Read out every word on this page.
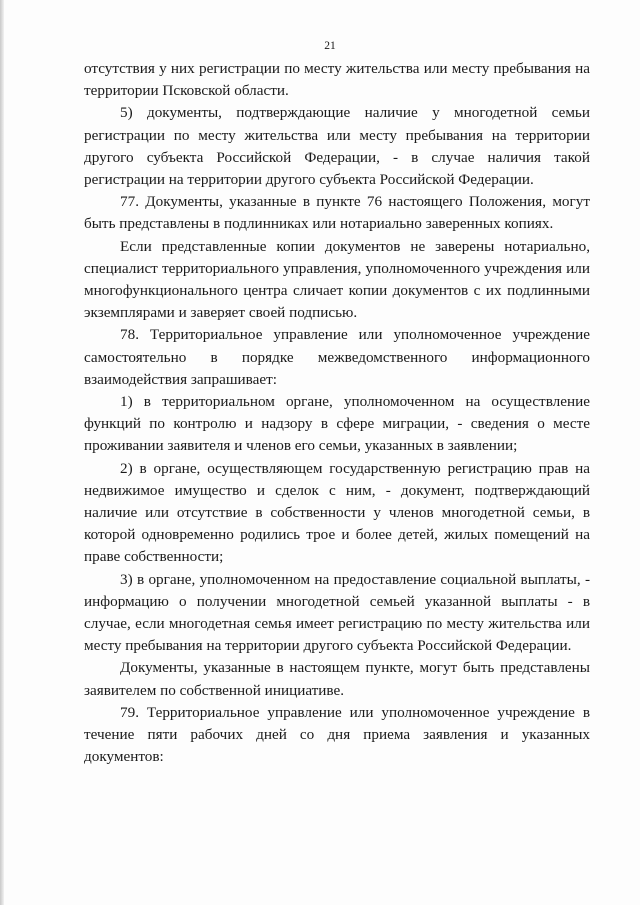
21

отсутствия у них регистрации по месту жительства или месту пребывания на территории Псковской области.

5) документы, подтверждающие наличие у многодетной семьи регистрации по месту жительства или месту пребывания на территории другого субъекта Российской Федерации, - в случае наличия такой регистрации на территории другого субъекта Российской Федерации.

77. Документы, указанные в пункте 76 настоящего Положения, могут быть представлены в подлинниках или нотариально заверенных копиях.

Если представленные копии документов не заверены нотариально, специалист территориального управления, уполномоченного учреждения или многофункционального центра сличает копии документов с их подлинными экземплярами и заверяет своей подписью.

78. Территориальное управление или уполномоченное учреждение самостоятельно в порядке межведомственного информационного взаимодействия запрашивает:

1) в территориальном органе, уполномоченном на осуществление функций по контролю и надзору в сфере миграции, - сведения о месте проживании заявителя и членов его семьи, указанных в заявлении;

2) в органе, осуществляющем государственную регистрацию прав на недвижимое имущество и сделок с ним, - документ, подтверждающий наличие или отсутствие в собственности у членов многодетной семьи, в которой одновременно родились трое и более детей, жилых помещений на праве собственности;

3) в органе, уполномоченном на предоставление социальной выплаты, - информацию о получении многодетной семьей указанной выплаты - в случае, если многодетная семья имеет регистрацию по месту жительства или месту пребывания на территории другого субъекта Российской Федерации.

Документы, указанные в настоящем пункте, могут быть представлены заявителем по собственной инициативе.

79. Территориальное управление или уполномоченное учреждение в течение пяти рабочих дней со дня приема заявления и указанных документов:
